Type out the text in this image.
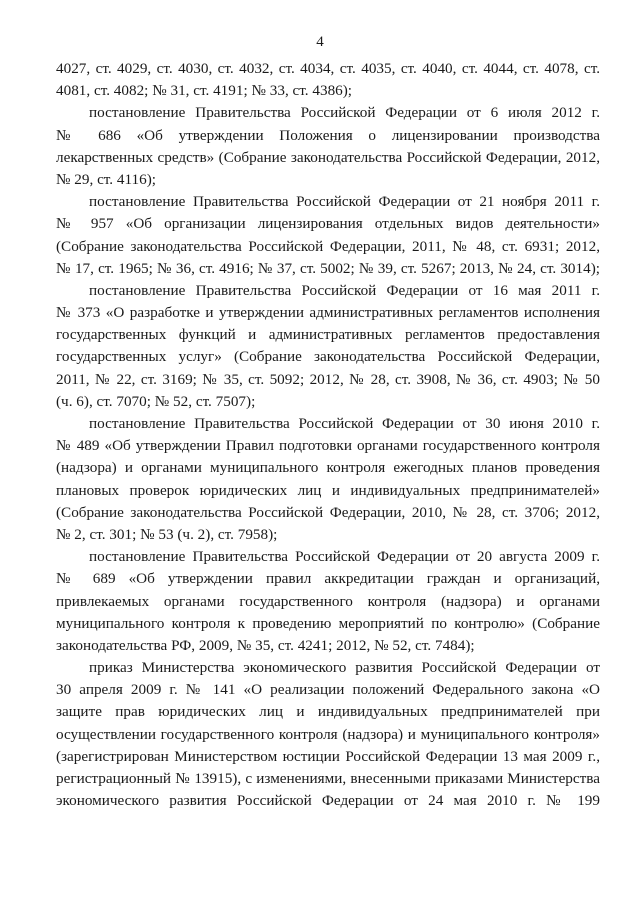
4
4027, ст. 4029, ст. 4030, ст. 4032, ст. 4034, ст. 4035, ст. 4040, ст. 4044, ст. 4078, ст.
4081, ст. 4082; № 31, ст. 4191; № 33, ст. 4386);
постановление Правительства Российской Федерации от 6 июля 2012 г.
№ 686 «Об утверждении Положения о лицензировании производства
лекарственных средств» (Собрание законодательства Российской Федерации, 2012,
№ 29, ст. 4116);
постановление Правительства Российской Федерации от 21 ноября 2011 г.
№ 957 «Об организации лицензирования отдельных видов деятельности»
(Собрание законодательства Российской Федерации, 2011, № 48, ст. 6931; 2012,
№ 17, ст. 1965; № 36, ст. 4916; № 37, ст. 5002; № 39, ст. 5267; 2013, № 24, ст. 3014);
постановление Правительства Российской Федерации от 16 мая 2011 г.
№ 373 «О разработке и утверждении административных регламентов исполнения
государственных функций и административных регламентов предоставления
государственных услуг» (Собрание законодательства Российской Федерации,
2011, № 22, ст. 3169; № 35, ст. 5092; 2012, № 28, ст. 3908, № 36, ст. 4903; № 50
(ч. 6), ст. 7070; № 52, ст. 7507);
постановление Правительства Российской Федерации от 30 июня 2010 г.
№ 489 «Об утверждении Правил подготовки органами государственного контроля
(надзора) и органами муниципального контроля ежегодных планов проведения
плановых проверок юридических лиц и индивидуальных предпринимателей»
(Собрание законодательства Российской Федерации, 2010, № 28, ст. 3706; 2012,
№ 2, ст. 301; № 53 (ч. 2), ст. 7958);
постановление Правительства Российской Федерации от 20 августа 2009 г.
№ 689 «Об утверждении правил аккредитации граждан и организаций,
привлекаемых органами государственного контроля (надзора) и органами
муниципального контроля к проведению мероприятий по контролю» (Собрание
законодательства РФ, 2009, № 35, ст. 4241; 2012, № 52, ст. 7484);
приказ Министерства экономического развития Российской Федерации от
30 апреля 2009 г. № 141 «О реализации положений Федерального закона «О
защите прав юридических лиц и индивидуальных предпринимателей при
осуществлении государственного контроля (надзора) и муниципального контроля»
(зарегистрирован Министерством юстиции Российской Федерации 13 мая 2009 г.,
регистрационный № 13915), с изменениями, внесенными приказами Министерства
экономического развития Российской Федерации от 24 мая 2010 г. № 199
